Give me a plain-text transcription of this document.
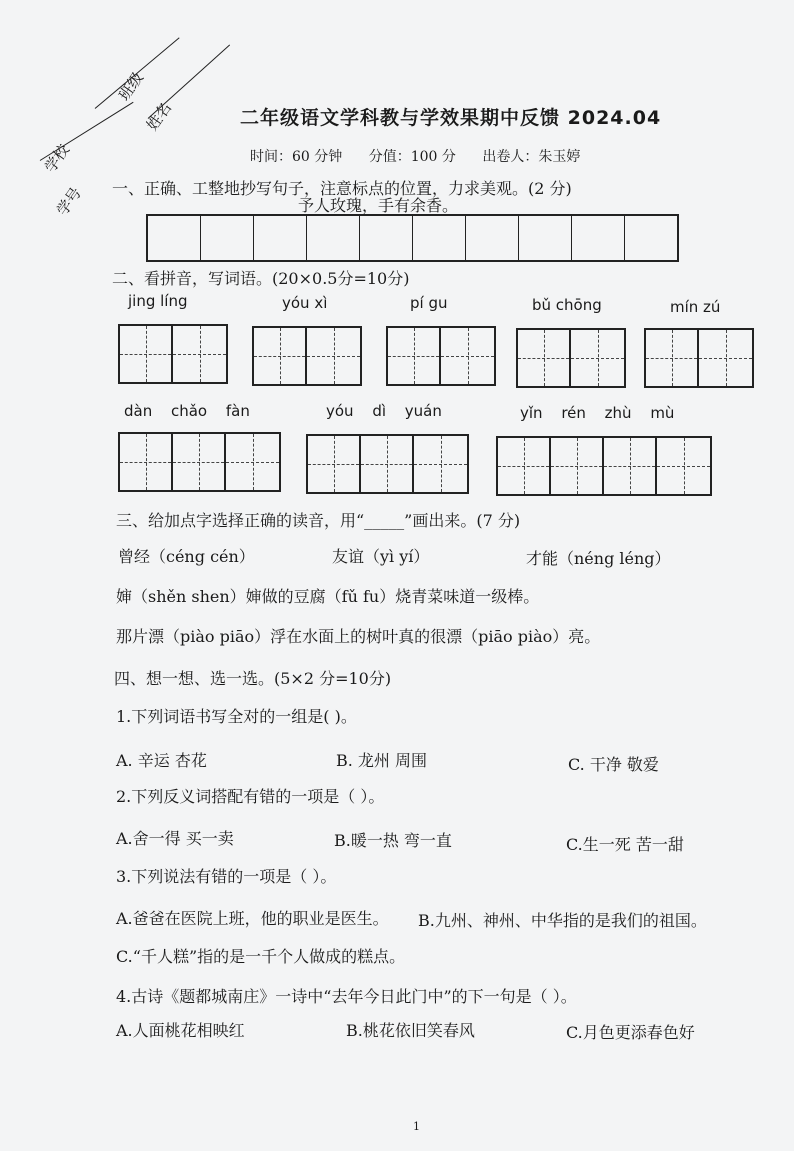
班级
姓名
学校
学号
二年级语文学科教与学效果期中反馈 2024.04
时间：60 分钟 分值：100 分 出卷人：朱玉婷
一、正确、工整地抄写句子，注意标点的位置，力求美观。(2 分)
予人玫瑰，手有余香。
二、看拼音，写词语。(20×0.5分=10分)
jing líng	yóu xì	pí gu	bǔ chōng	mín zú
dàn chǎo fàn	yóu dì yuán	yǐn rén zhù mù
三、给加点字选择正确的读音，用“_____”画出来。(7 分)
曾经（céng cén）	友谊（yì yí）	才能（néng léng）
婶（shěn shen）婶做的豆腐（fǔ fu）烧青菜味道一级棒。
那片漂（piào piāo）浮在水面上的树叶真的很漂（piāo piào）亮。
四、想一想、选一选。(5×2 分=10分)
1.下列词语书写全对的一组是( )。
A. 辛运 杏花	B. 龙州 周围	C. 干净 敬爱
2.下列反义词搭配有错的一项是（ ）。
A.舍一得 买一卖	B.暖一热 弯一直	C.生一死 苦一甜
3.下列说法有错的一项是（ ）。
A.爸爸在医院上班，他的职业是医生。 B.九州、神州、中华指的是我们的祖国。
C.“千人糕”指的是一千个人做成的糕点。
4.古诗《题都城南庄》一诗中“去年今日此门中”的下一句是（ ）。
A.人面桃花相映红	B.桃花依旧笑春风	C.月色更添春色好
1
